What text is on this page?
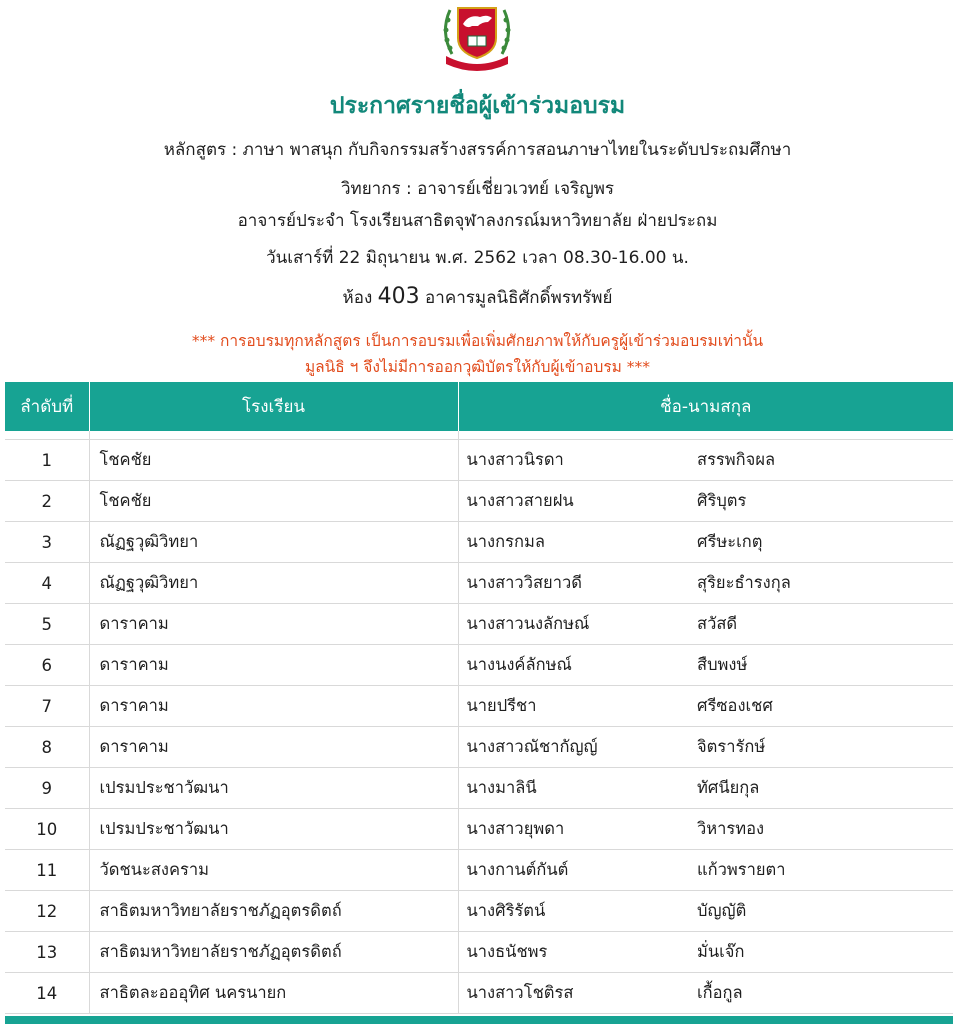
ประกาศรายชื่อผู้เข้าร่วมอบรม
หลักสูตร : ภาษา พาสนุก กับกิจกรรมสร้างสรรค์การสอนภาษาไทยในระดับประถมศึกษา
วิทยากร : อาจารย์เชี่ยวเวทย์ เจริญพร
อาจารย์ประจำ โรงเรียนสาธิตจุฬาลงกรณ์มหาวิทยาลัย ฝ่ายประถม
วันเสาร์ที่ 22 มิถุนายน พ.ศ. 2562 เวลา 08.30-16.00 น.
ห้อง 403 อาคารมูลนิธิศักดิ์พรทรัพย์
*** การอบรมทุกหลักสูตร เป็นการอบรมเพื่อเพิ่มศักยภาพให้กับครูผู้เข้าร่วมอบรมเท่านั้น
มูลนิธิ ฯ จึงไม่มีการออกวุฒิบัตรให้กับผู้เข้าอบรม ***
ลำดับที่	โรงเรียน	ชื่อ-นามสกุล	

1	โชคชัย	นางสาวนิรดา	สรรพกิจผล
2	โชคชัย	นางสาวสายฝน	ศิริบุตร
3	ณัฏฐวุฒิวิทยา	นางกรกมล	ศรีษะเกตุ
4	ณัฏฐวุฒิวิทยา	นางสาววิสยาวดี	สุริยะธำรงกุล
5	ดาราคาม	นางสาวนงลักษณ์	สวัสดี
6	ดาราคาม	นางนงค์ลักษณ์	สืบพงษ์
7	ดาราคาม	นายปรีชา	ศรีซองเชศ
8	ดาราคาม	นางสาวณัชากัญญ์	จิตรารักษ์
9	เปรมประชาวัฒนา	นางมาลินี	ทัศนียกุล
10	เปรมประชาวัฒนา	นางสาวยุพดา	วิหารทอง
11	วัดชนะสงคราม	นางกานต์กันต์	แก้วพรายตา
12	สาธิตมหาวิทยาลัยราชภัฏอุตรดิตถ์	นางศิริรัตน์	บัญญัติ
13	สาธิตมหาวิทยาลัยราชภัฏอุตรดิตถ์	นางธนัชพร	มั่นเจ๊ก
14	สาธิตละอออุทิศ นครนายก	นางสาวโชติรส	เกื้อกูล
